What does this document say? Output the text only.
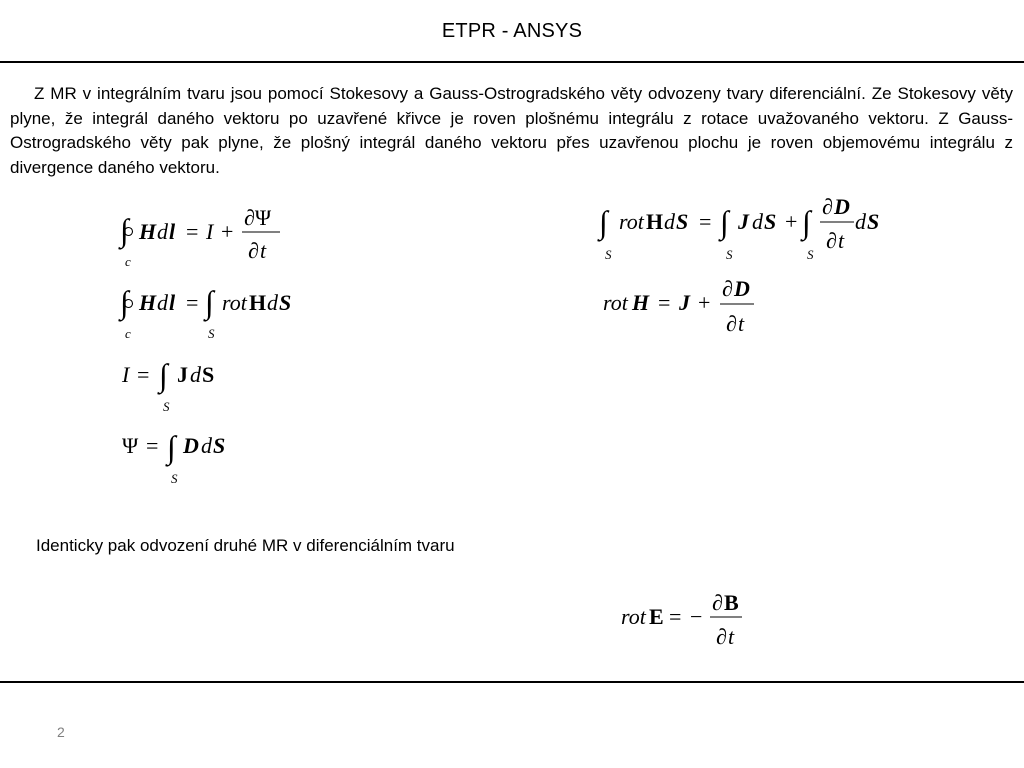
ETPR - ANSYS

Z MR v integrálním tvaru jsou pomocí Stokesovy a Gauss-Ostrogradského věty odvozeny tvary diferenciální. Ze Stokesovy věty plyne, že integrál daného vektoru po uzavřené křivce je roven plošnému integrálu z rotace uvažovaného vektoru. Z Gauss-Ostrogradského věty pak plyne, že plošný integrál daného vektoru přes uzavřenou plochu je roven objemovému integrálu z divergence daného vektoru.

∫
c
H d l = I +
∂Ψ
∂ t
∫
c
H d l = ∫
S
rot H d S
I = ∫
S
J d S
Ψ = ∫
S
D d S
∫
S
rot H d S = ∫
S
J d S + ∫
S
∂ D
∂ t
d S
rot H = J +
∂ D
∂ t

Identicky pak odvození druhé MR v diferenciálním tvaru

rot E = −
∂ B
∂ t
2
